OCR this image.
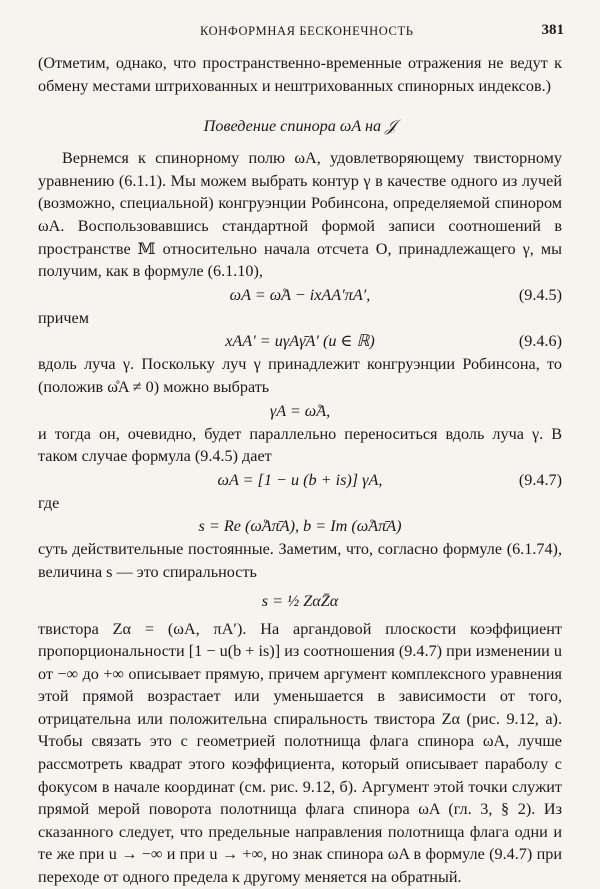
КОНФОРМНАЯ БЕСКОНЕЧНОСТЬ	381

(Отметим, однако, что пространственно-временные отражения не ведут к обмену местами штрихованных и нештрихованных спинорных индексов.)

Поведение спинора ωA на 𝒥

Вернемся к спинорному полю ωA, удовлетворяющему твисторному уравнению (6.1.1). Мы можем выбрать контур γ в качестве одного из лучей (возможно, специальной) конгруэнции Робинсона, определяемой спинором ωA. Воспользовавшись стандартной формой записи соотношений в пространстве 𝕄 относительно начала отсчета O, принадлежащего γ, мы получим, как в формуле (6.1.10),

ωA = ω̊A − ixAA′πA′,	(9.4.5)

причем

xAA′ = uγAγ̄A′ (u ∈ ℝ)	(9.4.6)

вдоль луча γ. Поскольку луч γ принадлежит конгруэнции Робинсона, то (положив ω̊A ≠ 0) можно выбрать

γA = ω̊A,

и тогда он, очевидно, будет параллельно переноситься вдоль луча γ. В таком случае формула (9.4.5) дает

ωA = [1 − u (b + is)] γA,	(9.4.7)

где

s = Re (ω̊Aπ̄A), b = Im (ω̊Aπ̄A)

суть действительные постоянные. Заметим, что, согласно формуле (6.1.74), величина s — это спиральность

s = ½ ZαZ̄α

твистора Zα = (ωA, πA′). На аргандовой плоскости коэффициент пропорциональности [1 − u(b + is)] из соотношения (9.4.7) при изменении u от −∞ до +∞ описывает прямую, причем аргумент комплексного уравнения этой прямой возрастает или уменьшается в зависимости от того, отрицательна или положительна спиральность твистора Zα (рис. 9.12, а). Чтобы связать это с геометрией полотнища флага спинора ωA, лучше рассмотреть квадрат этого коэффициента, который описывает параболу с фокусом в начале координат (см. рис. 9.12, б). Аргумент этой точки служит прямой мерой поворота полотнища флага спинора ωA (гл. 3, § 2). Из сказанного следует, что предельные направления полотнища флага одни и те же при u → −∞ и при u → +∞, но знак спинора ωA в формуле (9.4.7) при переходе от одного предела к другому меняется на обратный.
